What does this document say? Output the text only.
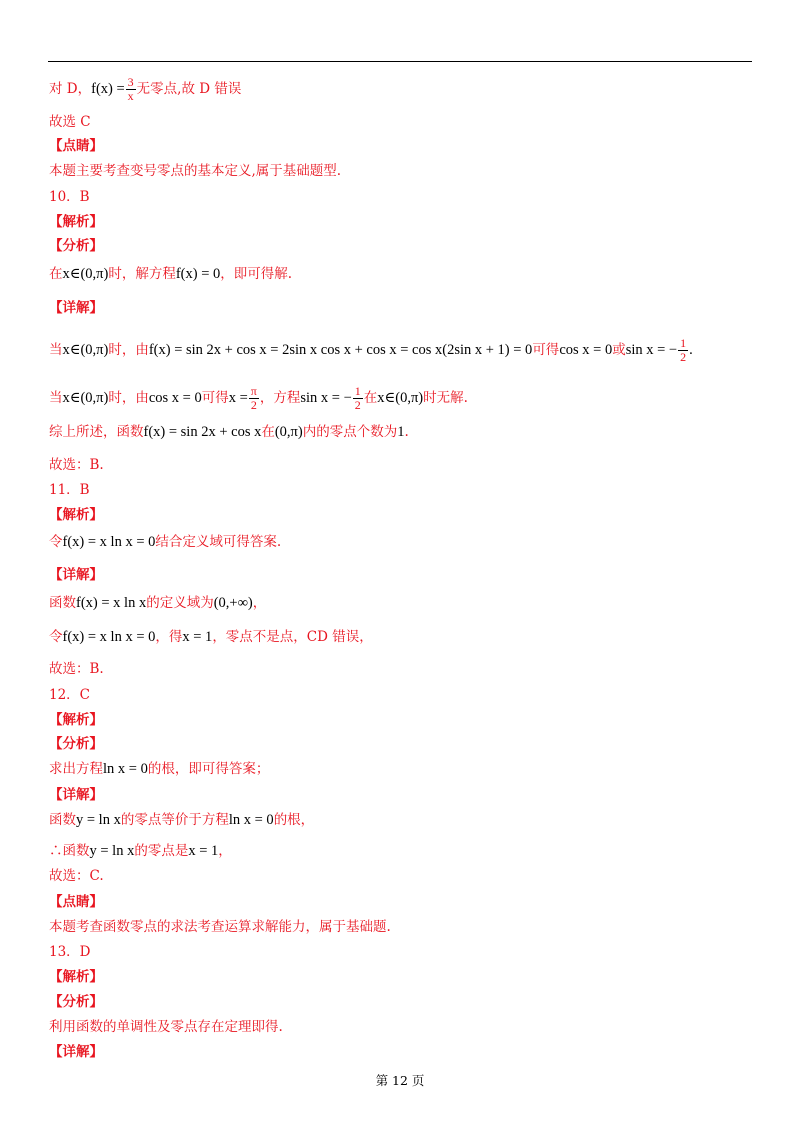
对 D，$f(x) = \frac{3}{x}$ 无零点,故 D 错误
故选 C
【点睛】
本题主要考查变号零点的基本定义,属于基础题型.
10．B
【解析】
【分析】
在x∈(0,π)时，解方程f(x) = 0，即可得解.
【详解】
当x∈(0,π)时，由f(x) = sin 2x + cos x = 2sin x cos x + cos x = cos x(2sin x + 1) = 0可得cos x = 0或sin x = − $\frac{1}{2}$ .
当x∈(0,π)时，由cos x = 0可得$x = \frac{\pi}{2}$ ，方程sin x = − $\frac{1}{2}$ 在x∈(0,π)时无解.
综上所述，函数f(x) = sin 2x + cos x在(0,π)内的零点个数为1.
故选：B.
11．B
【解析】
令f(x) = x ln x = 0结合定义域可得答案.
【详解】
函数f(x) = x ln x的定义域为(0,+∞)，
令f(x) = x ln x = 0，得x = 1，零点不是点，CD 错误，
故选：B.
12．C
【解析】
【分析】
求出方程ln x = 0的根，即可得答案；
【详解】
函数y = ln x的零点等价于方程ln x = 0的根，
∴函数y = ln x的零点是x = 1，
故选：C.
【点睛】
本题考查函数零点的求法考查运算求解能力，属于基础题.
13．D
【解析】
【分析】
利用函数的单调性及零点存在定理即得.
【详解】
第 12 页
